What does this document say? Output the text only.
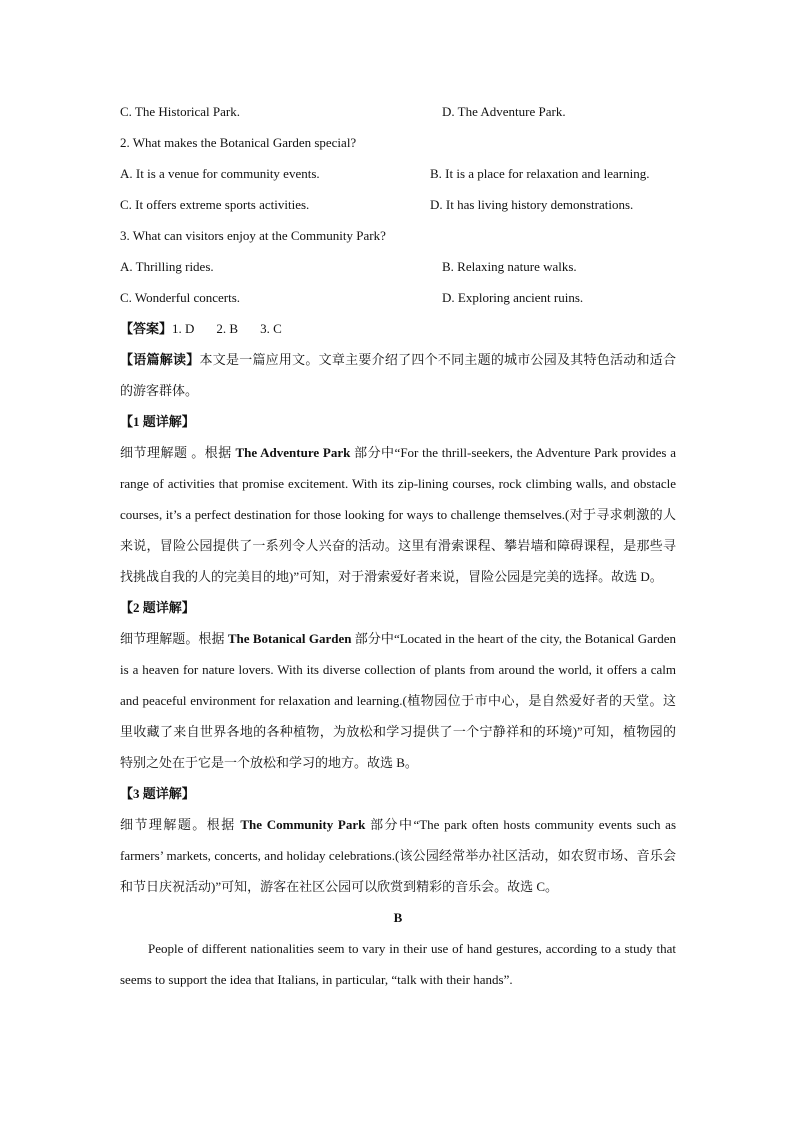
C. The Historical Park.	D. The Adventure Park.
2. What makes the Botanical Garden special?
A. It is a venue for community events.	B. It is a place for relaxation and learning.
C. It offers extreme sports activities.	D. It has living history demonstrations.
3. What can visitors enjoy at the Community Park?
A. Thrilling rides.	B. Relaxing nature walks.
C. Wonderful concerts.	D. Exploring ancient ruins.
【答案】1. D 2. B 3. C
【语篇解读】本文是一篇应用文。文章主要介绍了四个不同主题的城市公园及其特色活动和适合的游客群体。
【1 题详解】
细节理解题 。根据 The Adventure Park 部分中“For the thrill-seekers, the Adventure Park provides a range of activities that promise excitement. With its zip-lining courses, rock climbing walls, and obstacle courses, it’s a perfect destination for those looking for ways to challenge themselves.(对于寻求刺激的人来说，冒险公园提供了一系列令人兴奋的活动。这里有滑索课程、攀岩墙和障碍课程，是那些寻找挑战自我的人的完美目的地)”可知，对于滑索爱好者来说，冒险公园是完美的选择。故选 D。
【2 题详解】
细节理解题。根据 The Botanical Garden 部分中“Located in the heart of the city, the Botanical Garden is a heaven for nature lovers. With its diverse collection of plants from around the world, it offers a calm and peaceful environment for relaxation and learning.(植物园位于市中心，是自然爱好者的天堂。这里收藏了来自世界各地的各种植物，为放松和学习提供了一个宁静祥和的环境)”可知，植物园的特别之处在于它是一个放松和学习的地方。故选 B。
【3 题详解】
细节理解题。根据 The Community Park 部分中“The park often hosts community events such as farmers’ markets, concerts, and holiday celebrations.(该公园经常举办社区活动，如农贸市场、音乐会和节日庆祝活动)”可知，游客在社区公园可以欣赏到精彩的音乐会。故选 C。
B
People of different nationalities seem to vary in their use of hand gestures, according to a study that seems to support the idea that Italians, in particular, “talk with their hands”.
